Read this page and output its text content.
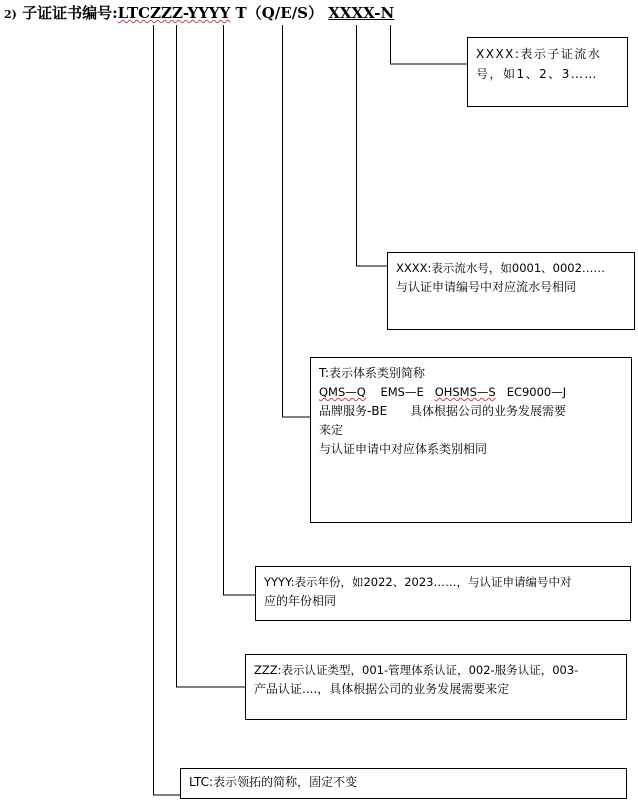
2) 子证证书编号:LTCZZZ-YYYY T（Q/E/S） XXXX-N
XXXX:表示子证流水
号，如1、2、3……
XXXX:表示流水号，如0001、0002……
与认证申请编号中对应流水号相同
T:表示体系类别简称
QMS—Q EMS—E OHSMS—S EC9000—J
品牌服务-BE 具体根据公司的业务发展需要
来定
与认证申请中对应体系类别相同
YYYY:表示年份，如2022、2023……，与认证申请编号中对
应的年份相同
ZZZ:表示认证类型，001-管理体系认证，002-服务认证，003-
产品认证....，具体根据公司的业务发展需要来定
LTC:表示领拓的简称，固定不变
